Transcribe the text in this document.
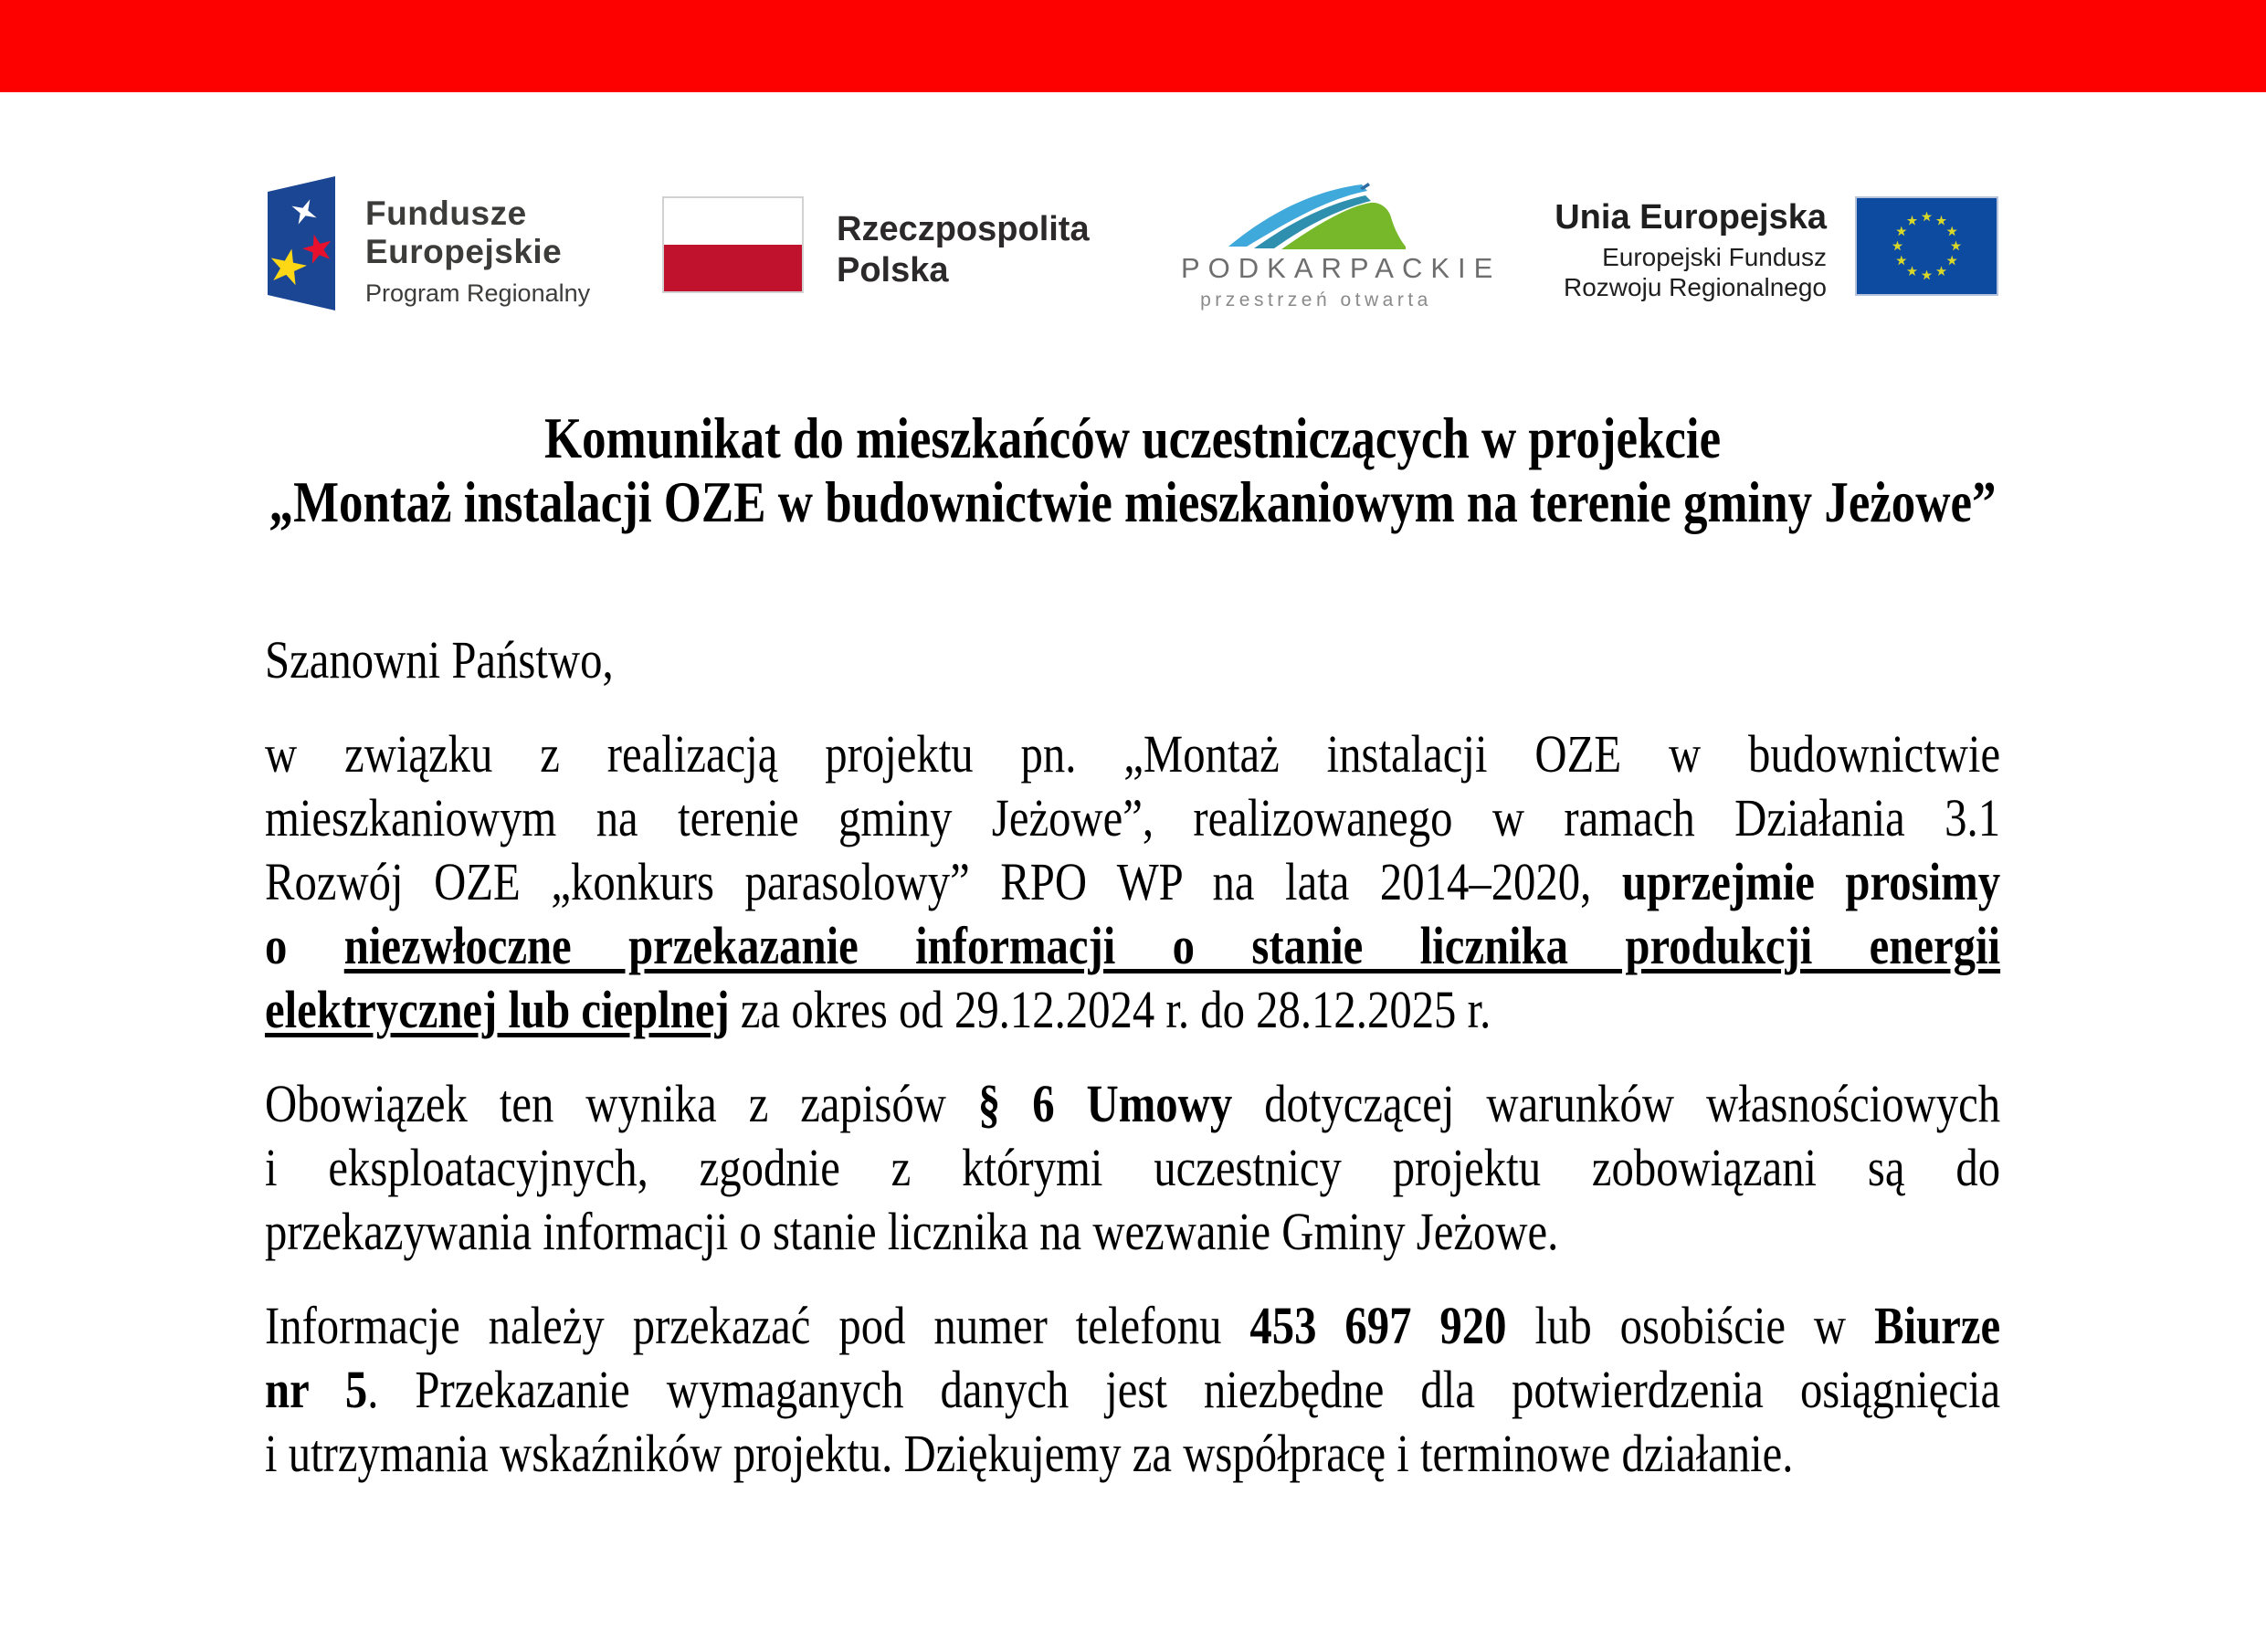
Fundusze
Europejskie
Program Regionalny
Rzeczpospolita
Polska	PODKARPACKIE
przestrzeń otwarta
Unia Europejska
Europejski Fundusz
Rozwoju Regionalnego
Komunikat do mieszkańców uczestniczących w projekcie
„Montaż instalacji OZE w budownictwie mieszkaniowym na terenie gminy Jeżowe”
Szanowni Państwo,
w związku z realizacją projektu pn. „Montaż instalacji OZE w budownictwie
mieszkaniowym na terenie gminy Jeżowe”, realizowanego w ramach Działania 3.1
Rozwój OZE „konkurs parasolowy” RPO WP na lata 2014–2020, uprzejmie prosimy
o niezwłoczne przekazanie informacji o stanie licznika produkcji energii
elektrycznej lub cieplnej za okres od 29.12.2024 r. do 28.12.2025 r.
Obowiązek ten wynika z zapisów § 6 Umowy dotyczącej warunków własnościowych
i eksploatacyjnych, zgodnie z którymi uczestnicy projektu zobowiązani są do
przekazywania informacji o stanie licznika na wezwanie Gminy Jeżowe.
Informacje należy przekazać pod numer telefonu 453 697 920 lub osobiście w Biurze
nr 5. Przekazanie wymaganych danych jest niezbędne dla potwierdzenia osiągnięcia
i utrzymania wskaźników projektu. Dziękujemy za współpracę i terminowe działanie.
